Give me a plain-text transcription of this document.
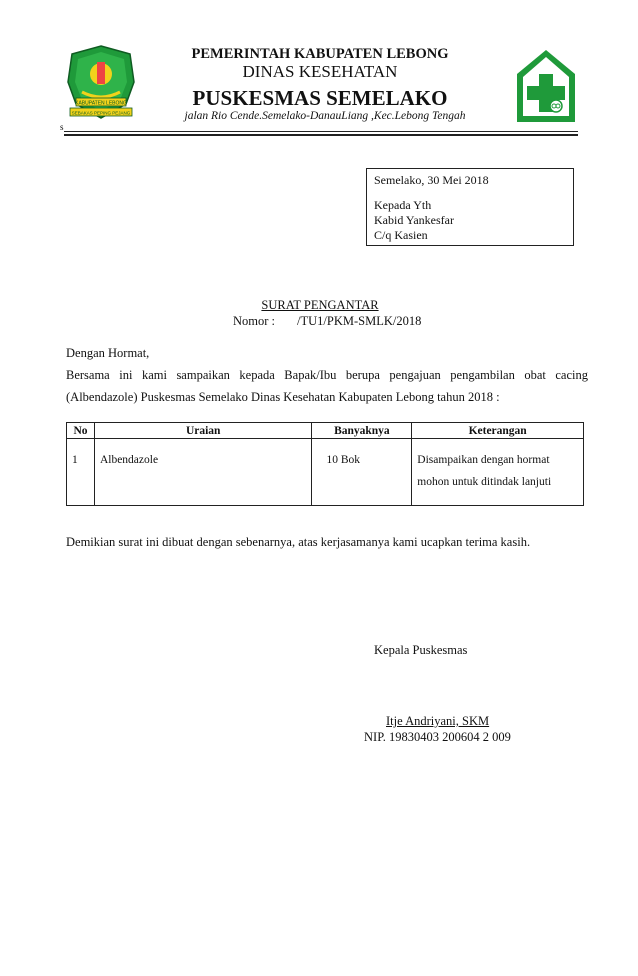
KABUPATEN LEBONG
SEBAKAS PEPING PEJANG
PEMERINTAH KABUPATEN LEBONG
DINAS KESEHATAN
PUSKESMAS SEMELAKO
jalan Rio Cende.Semelako-DanauLiang ,Kec.Lebong Tengah
s
Semelako, 30 Mei 2018
Kepada Yth
Kabid Yankesfar
C/q Kasien
SURAT PENGANTAR
Nomor : /TU1/PKM-SMLK/2018
Dengan Hormat,
Bersama ini kami sampaikan kepada Bapak/Ibu berupa pengajuan pengambilan obat cacing (Albendazole) Puskesmas Semelako Dinas Kesehatan Kabupaten Lebong tahun 2018 :
No	Uraian	Banyaknya	Keterangan
1	Albendazole	10 Bok	Disampaikan dengan hormat
mohon untuk ditindak lanjuti
Demikian surat ini dibuat dengan sebenarnya, atas kerjasamanya kami ucapkan terima kasih.
Kepala Puskesmas
Itje Andriyani, SKM
NIP. 19830403 200604 2 009
